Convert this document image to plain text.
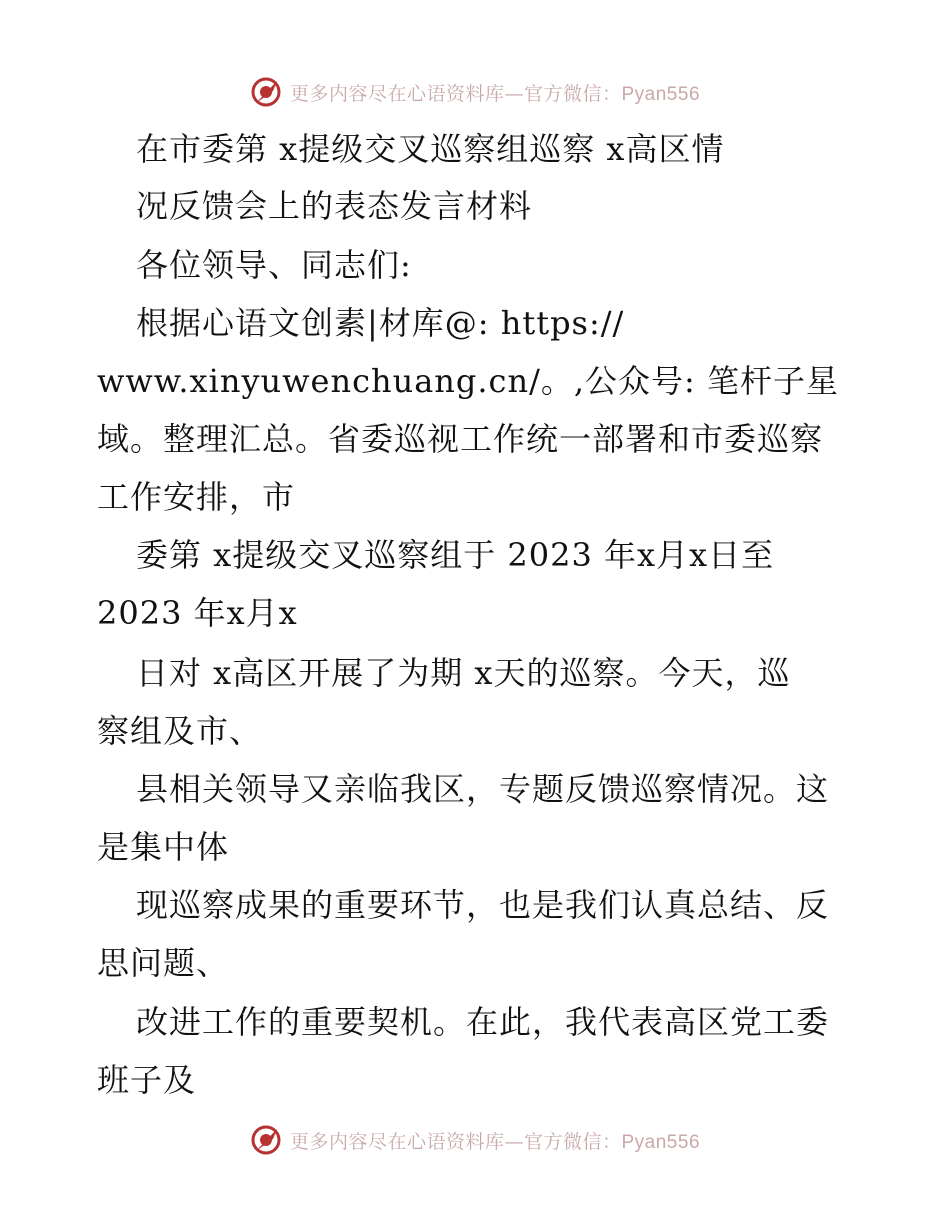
更多内容尽在心语资料库—官方微信：Pyan556
在市委第 x提级交叉巡察组巡察 x高区情
况反馈会上的表态发言材料
各位领导、同志们:
根据心语文创素|材库@: https://
www.xinyuwenchuang.cn/。,公众号: 笔杆子星
域。整理汇总。省委巡视工作统一部署和市委巡察
工作安排，市
委第 x提级交叉巡察组于 2023 年x月x日至
2023 年x月x
日对 x高区开展了为期 x天的巡察。今天，巡
察组及市、
县相关领导又亲临我区，专题反馈巡察情况。这
是集中体
现巡察成果的重要环节，也是我们认真总结、反
思问题、
改进工作的重要契机。在此，我代表高区党工委
班子及
更多内容尽在心语资料库—官方微信：Pyan556
